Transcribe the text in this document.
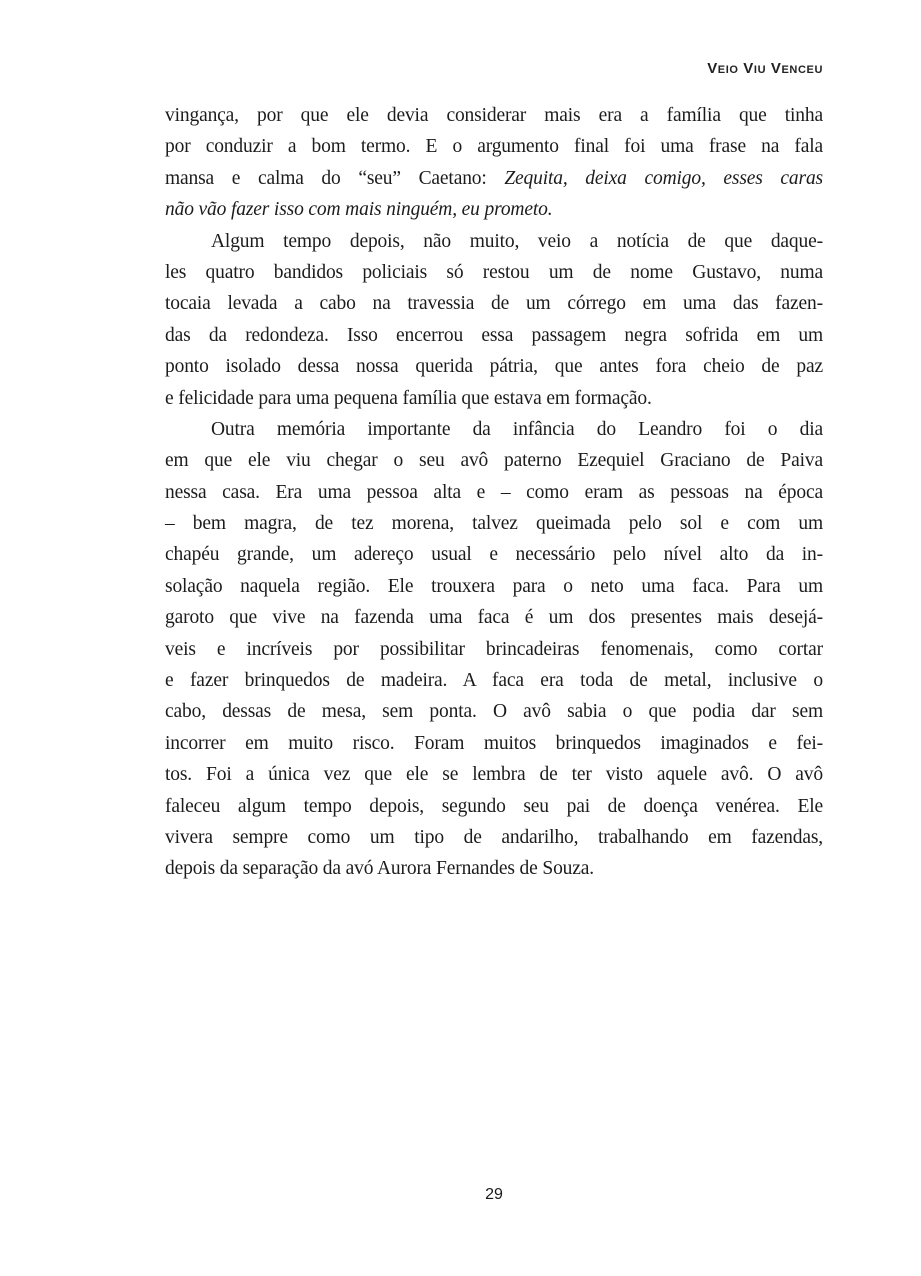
Veio Viu Venceu
vingança, por que ele devia considerar mais era a família que tinha
por conduzir a bom termo. E o argumento final foi uma frase na fala
mansa e calma do “seu” Caetano: Zequita, deixa comigo, esses caras
não vão fazer isso com mais ninguém, eu prometo.
Algum tempo depois, não muito, veio a notícia de que daque-
les quatro bandidos policiais só restou um de nome Gustavo, numa
tocaia levada a cabo na travessia de um córrego em uma das fazen-
das da redondeza. Isso encerrou essa passagem negra sofrida em um
ponto isolado dessa nossa querida pátria, que antes fora cheio de paz
e felicidade para uma pequena família que estava em formação.
Outra memória importante da infância do Leandro foi o dia
em que ele viu chegar o seu avô paterno Ezequiel Graciano de Paiva
nessa casa. Era uma pessoa alta e – como eram as pessoas na época
– bem magra, de tez morena, talvez queimada pelo sol e com um
chapéu grande, um adereço usual e necessário pelo nível alto da in-
solação naquela região. Ele trouxera para o neto uma faca. Para um
garoto que vive na fazenda uma faca é um dos presentes mais desejá-
veis e incríveis por possibilitar brincadeiras fenomenais, como cortar
e fazer brinquedos de madeira. A faca era toda de metal, inclusive o
cabo, dessas de mesa, sem ponta. O avô sabia o que podia dar sem
incorrer em muito risco. Foram muitos brinquedos imaginados e fei-
tos. Foi a única vez que ele se lembra de ter visto aquele avô. O avô
faleceu algum tempo depois, segundo seu pai de doença venérea. Ele
vivera sempre como um tipo de andarilho, trabalhando em fazendas,
depois da separação da avó Aurora Fernandes de Souza.
29
